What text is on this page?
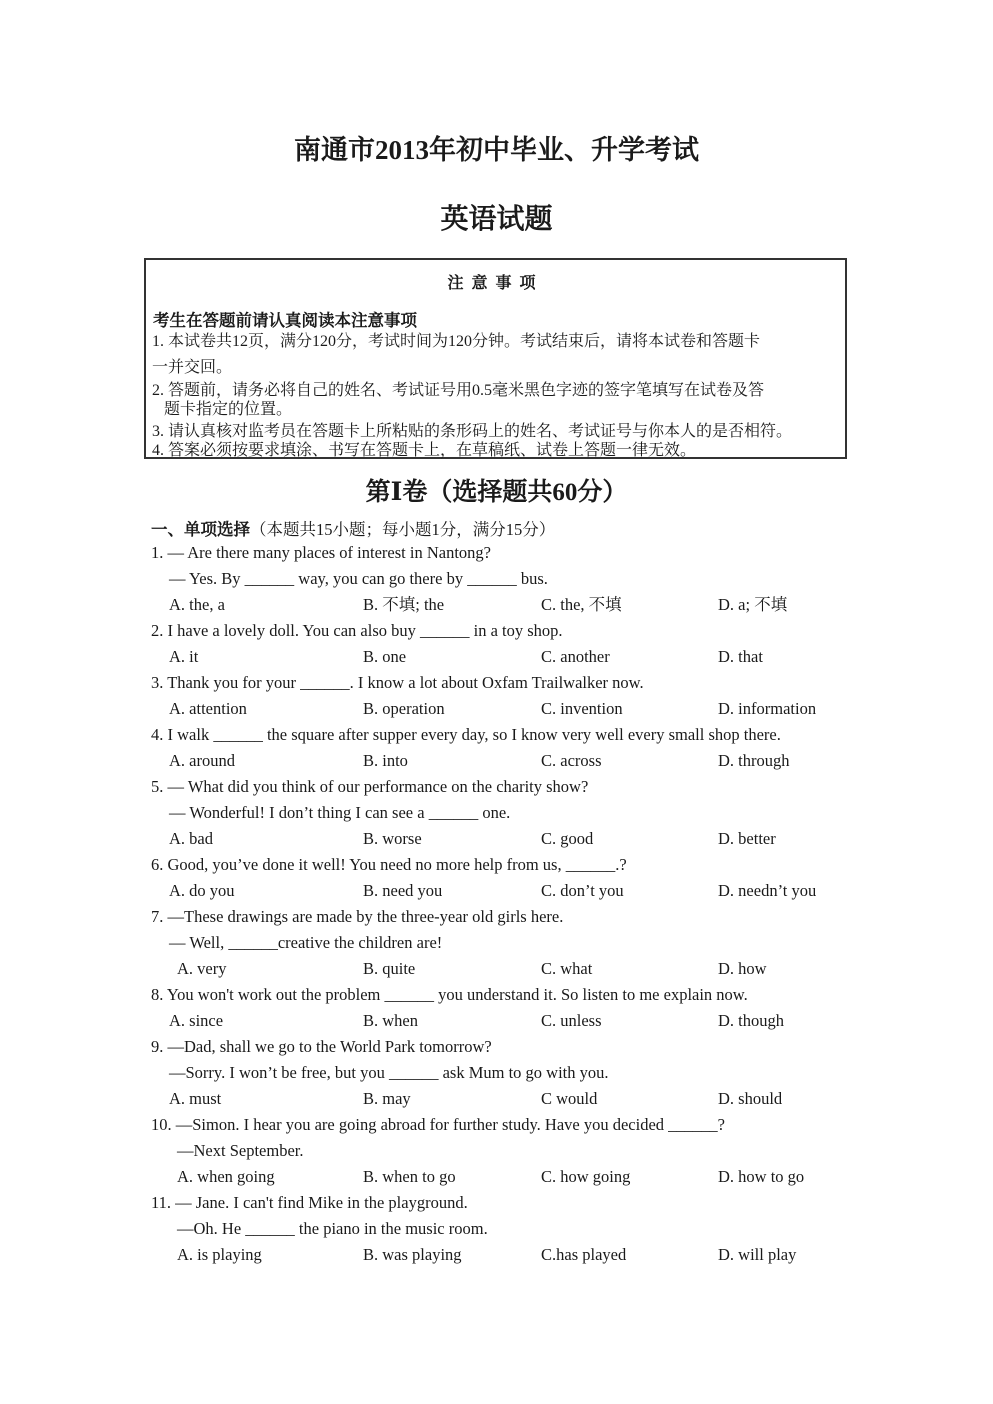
南通市2013年初中毕业、升学考试
英语试题
注意事项
考生在答题前请认真阅读本注意事项
1. 本试卷共12页，满分120分，考试时间为120分钟。考试结束后，请将本试卷和答题卡
一并交回。
2. 答题前，请务必将自己的姓名、考试证号用0.5毫米黑色字迹的签字笔填写在试卷及答
题卡指定的位置。
3. 请认真核对监考员在答题卡上所粘贴的条形码上的姓名、考试证号与你本人的是否相符。
4. 答案必须按要求填涂、书写在答题卡上，在草稿纸、试卷上答题一律无效。
第Ⅰ卷（选择题共60分）
一、单项选择（本题共15小题；每小题1分，满分15分）
1. — Are there many places of interest in Nantong?
— Yes. By ______ way, you can go there by ______ bus.
A. the, a	B. 不填; the	C. the, 不填	D. a; 不填
2. I have a lovely doll. You can also buy ______ in a toy shop.
A. it	B. one	C. another	D. that
3. Thank you for your ______. I know a lot about Oxfam Trailwalker now.
A. attention	B. operation	C. invention	D. information
4. I walk ______ the square after supper every day, so I know very well every small shop there.
A. around	B. into	C. across	D. through
5. — What did you think of our performance on the charity show?
— Wonderful! I don’t thing I can see a ______ one.
A. bad	B. worse	C. good	D. better
6. Good, you’ve done it well! You need no more help from us, ______.?
A. do you	B. need you	C. don’t you	D. needn’t you
7. —These drawings are made by the three-year old girls here.
— Well, ______creative the children are!
A. very	B. quite	C. what	D. how
8. You won't work out the problem ______ you understand it. So listen to me explain now.
A. since	B. when	C. unless	D. though
9. —Dad, shall we go to the World Park tomorrow?
—Sorry. I won’t be free, but you ______ ask Mum to go with you.
A. must	B. may	C would	D. should
10. —Simon. I hear you are going abroad for further study. Have you decided ______?
—Next September.
A. when going	B. when to go	C. how going	D. how to go
11. — Jane. I can't find Mike in the playground.
—Oh. He ______ the piano in the music room.
A. is playing	B. was playing	C.has played	D. will play
